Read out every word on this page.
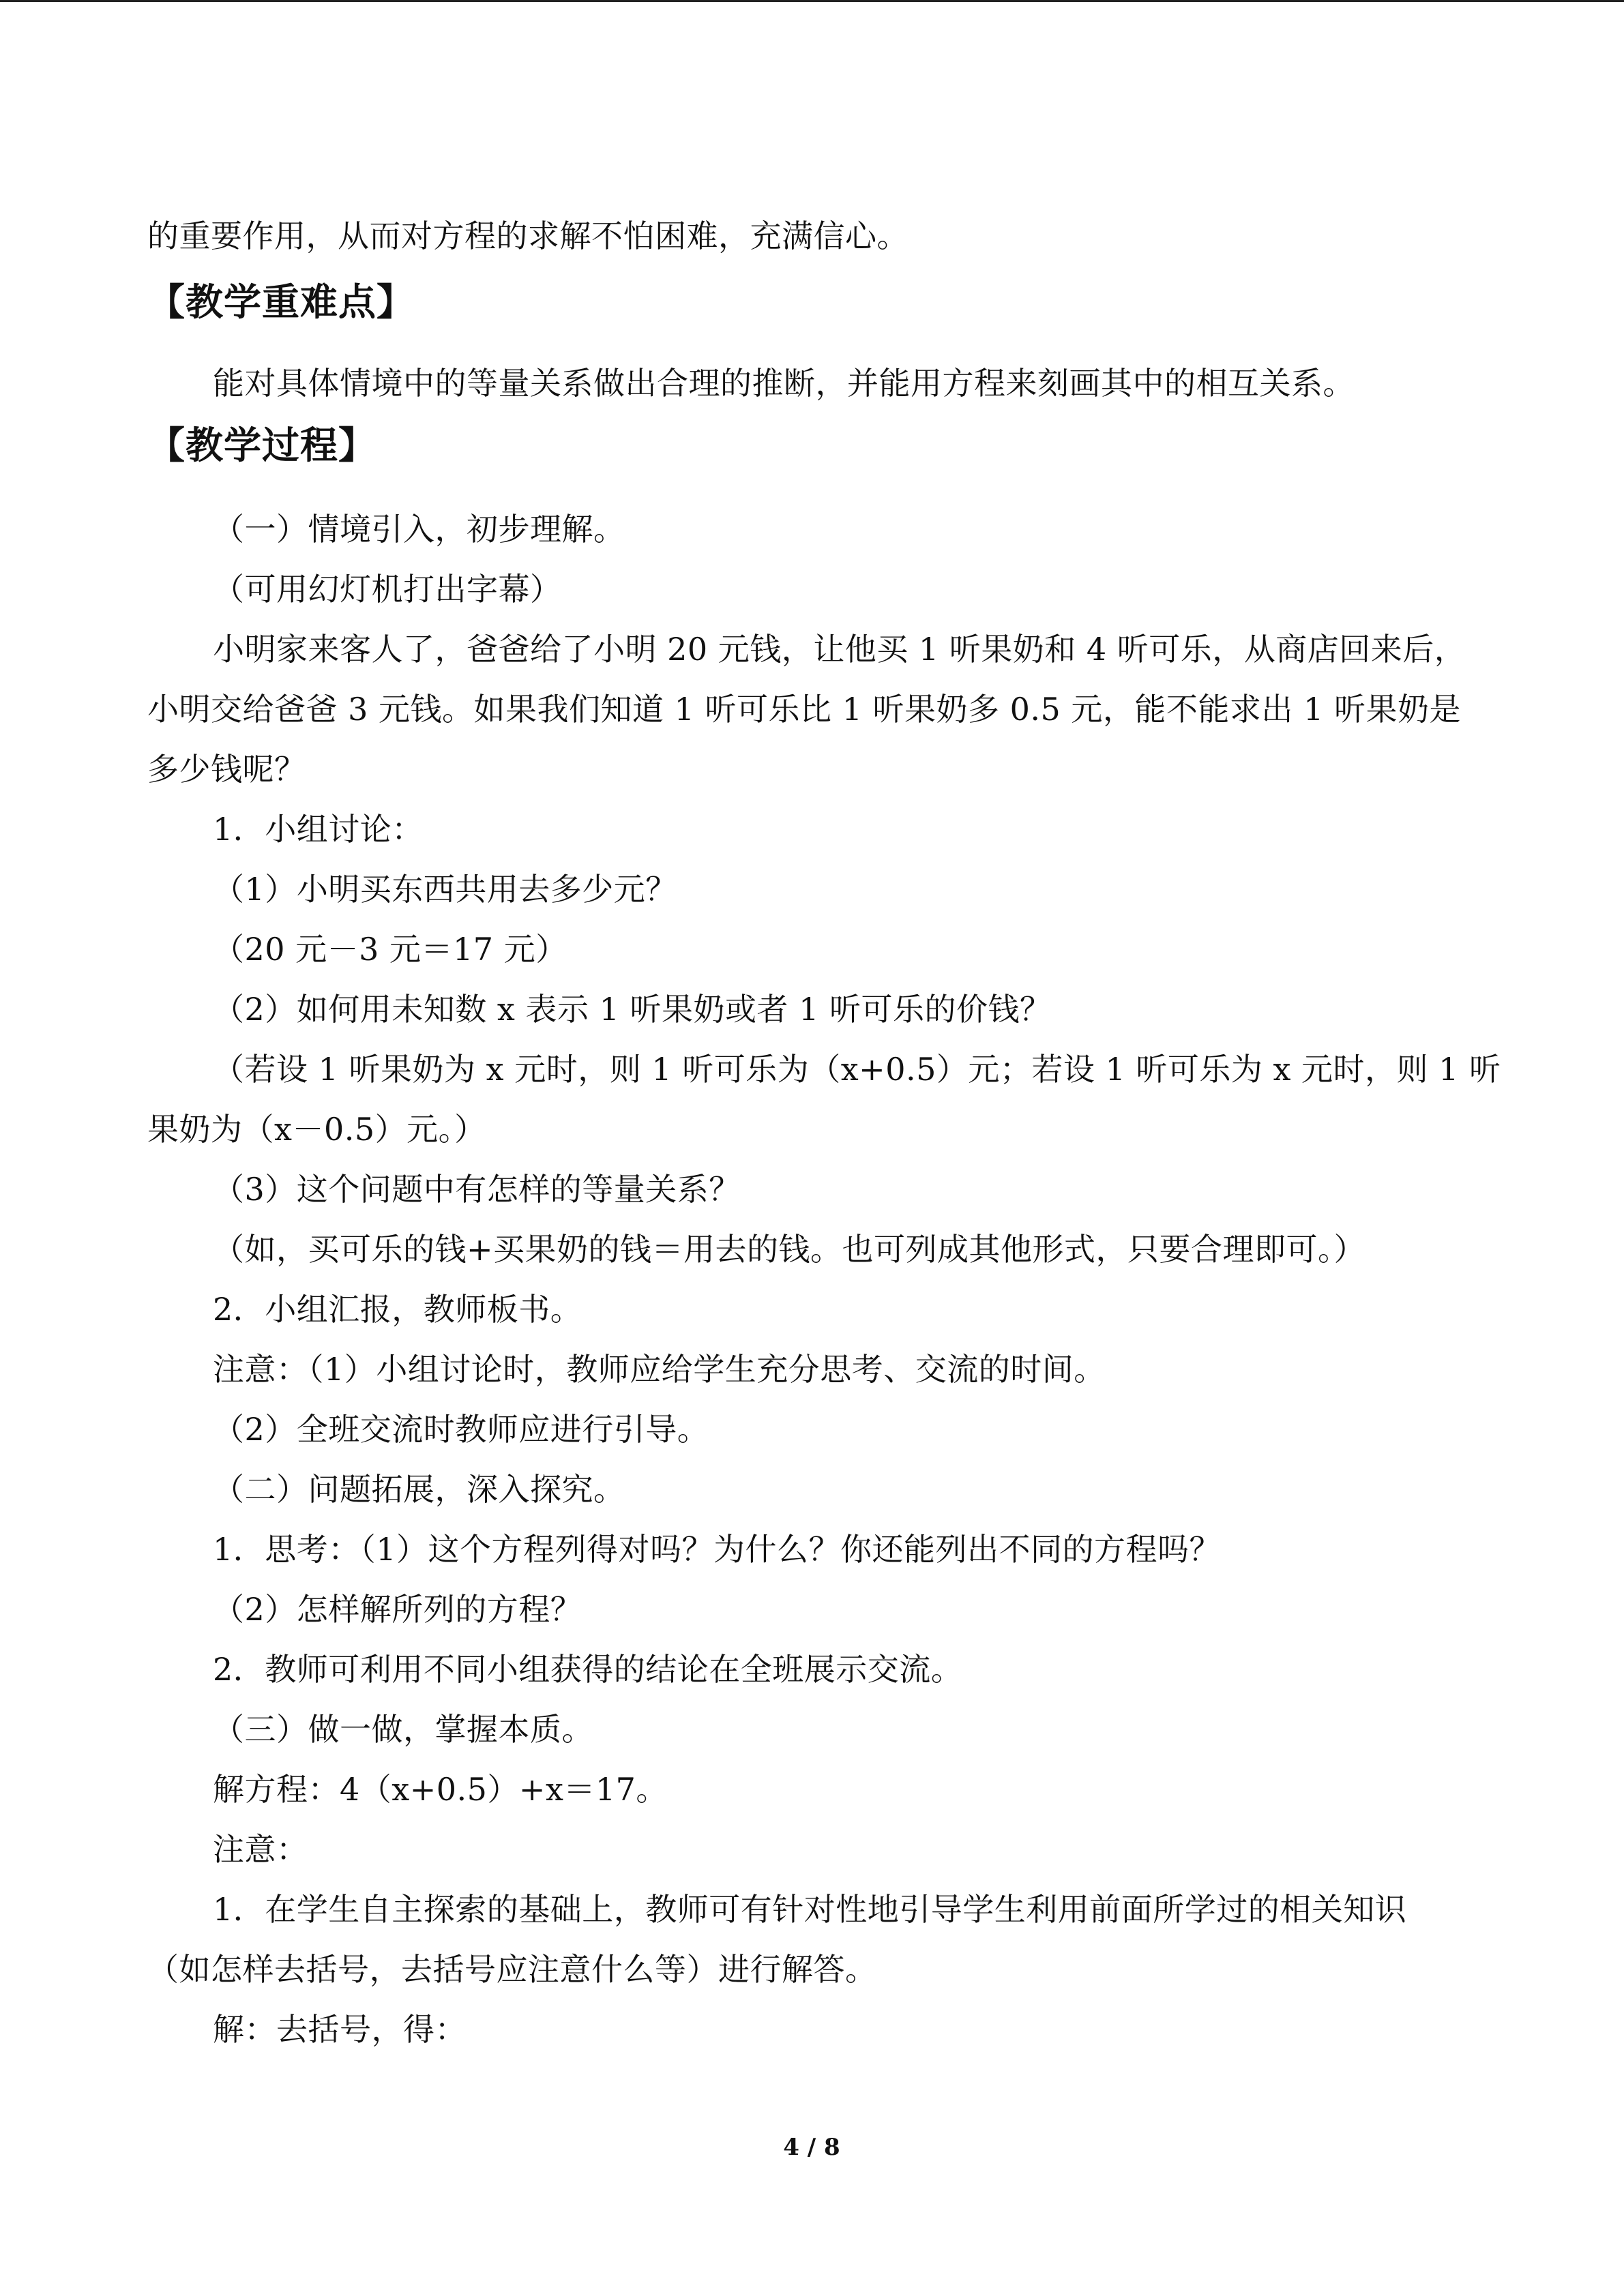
的重要作用，从而对方程的求解不怕困难，充满信心。
【教学重难点】
能对具体情境中的等量关系做出合理的推断，并能用方程来刻画其中的相互关系。
【教学过程】
（一）情境引入，初步理解。
（可用幻灯机打出字幕）
小明家来客人了，爸爸给了小明 20 元钱，让他买 1 听果奶和 4 听可乐，从商店回来后，
小明交给爸爸 3 元钱。如果我们知道 1 听可乐比 1 听果奶多 0.5 元，能不能求出 1 听果奶是
多少钱呢？
1．小组讨论：
（1）小明买东西共用去多少元？
（20 元－3 元＝17 元）
（2）如何用未知数 x 表示 1 听果奶或者 1 听可乐的价钱？
（若设 1 听果奶为 x 元时，则 1 听可乐为（x+0.5）元；若设 1 听可乐为 x 元时，则 1 听
果奶为（x－0.5）元。）
（3）这个问题中有怎样的等量关系？
（如，买可乐的钱+买果奶的钱＝用去的钱。也可列成其他形式，只要合理即可。）
2．小组汇报，教师板书。
注意：（1）小组讨论时，教师应给学生充分思考、交流的时间。
（2）全班交流时教师应进行引导。
（二）问题拓展，深入探究。
1．思考：（1）这个方程列得对吗？为什么？你还能列出不同的方程吗？
（2）怎样解所列的方程？
2．教师可利用不同小组获得的结论在全班展示交流。
（三）做一做，掌握本质。
解方程：4（x+0.5）+x＝17。
注意：
1．在学生自主探索的基础上，教师可有针对性地引导学生利用前面所学过的相关知识
（如怎样去括号，去括号应注意什么等）进行解答。
解：去括号，得：
4 / 8
